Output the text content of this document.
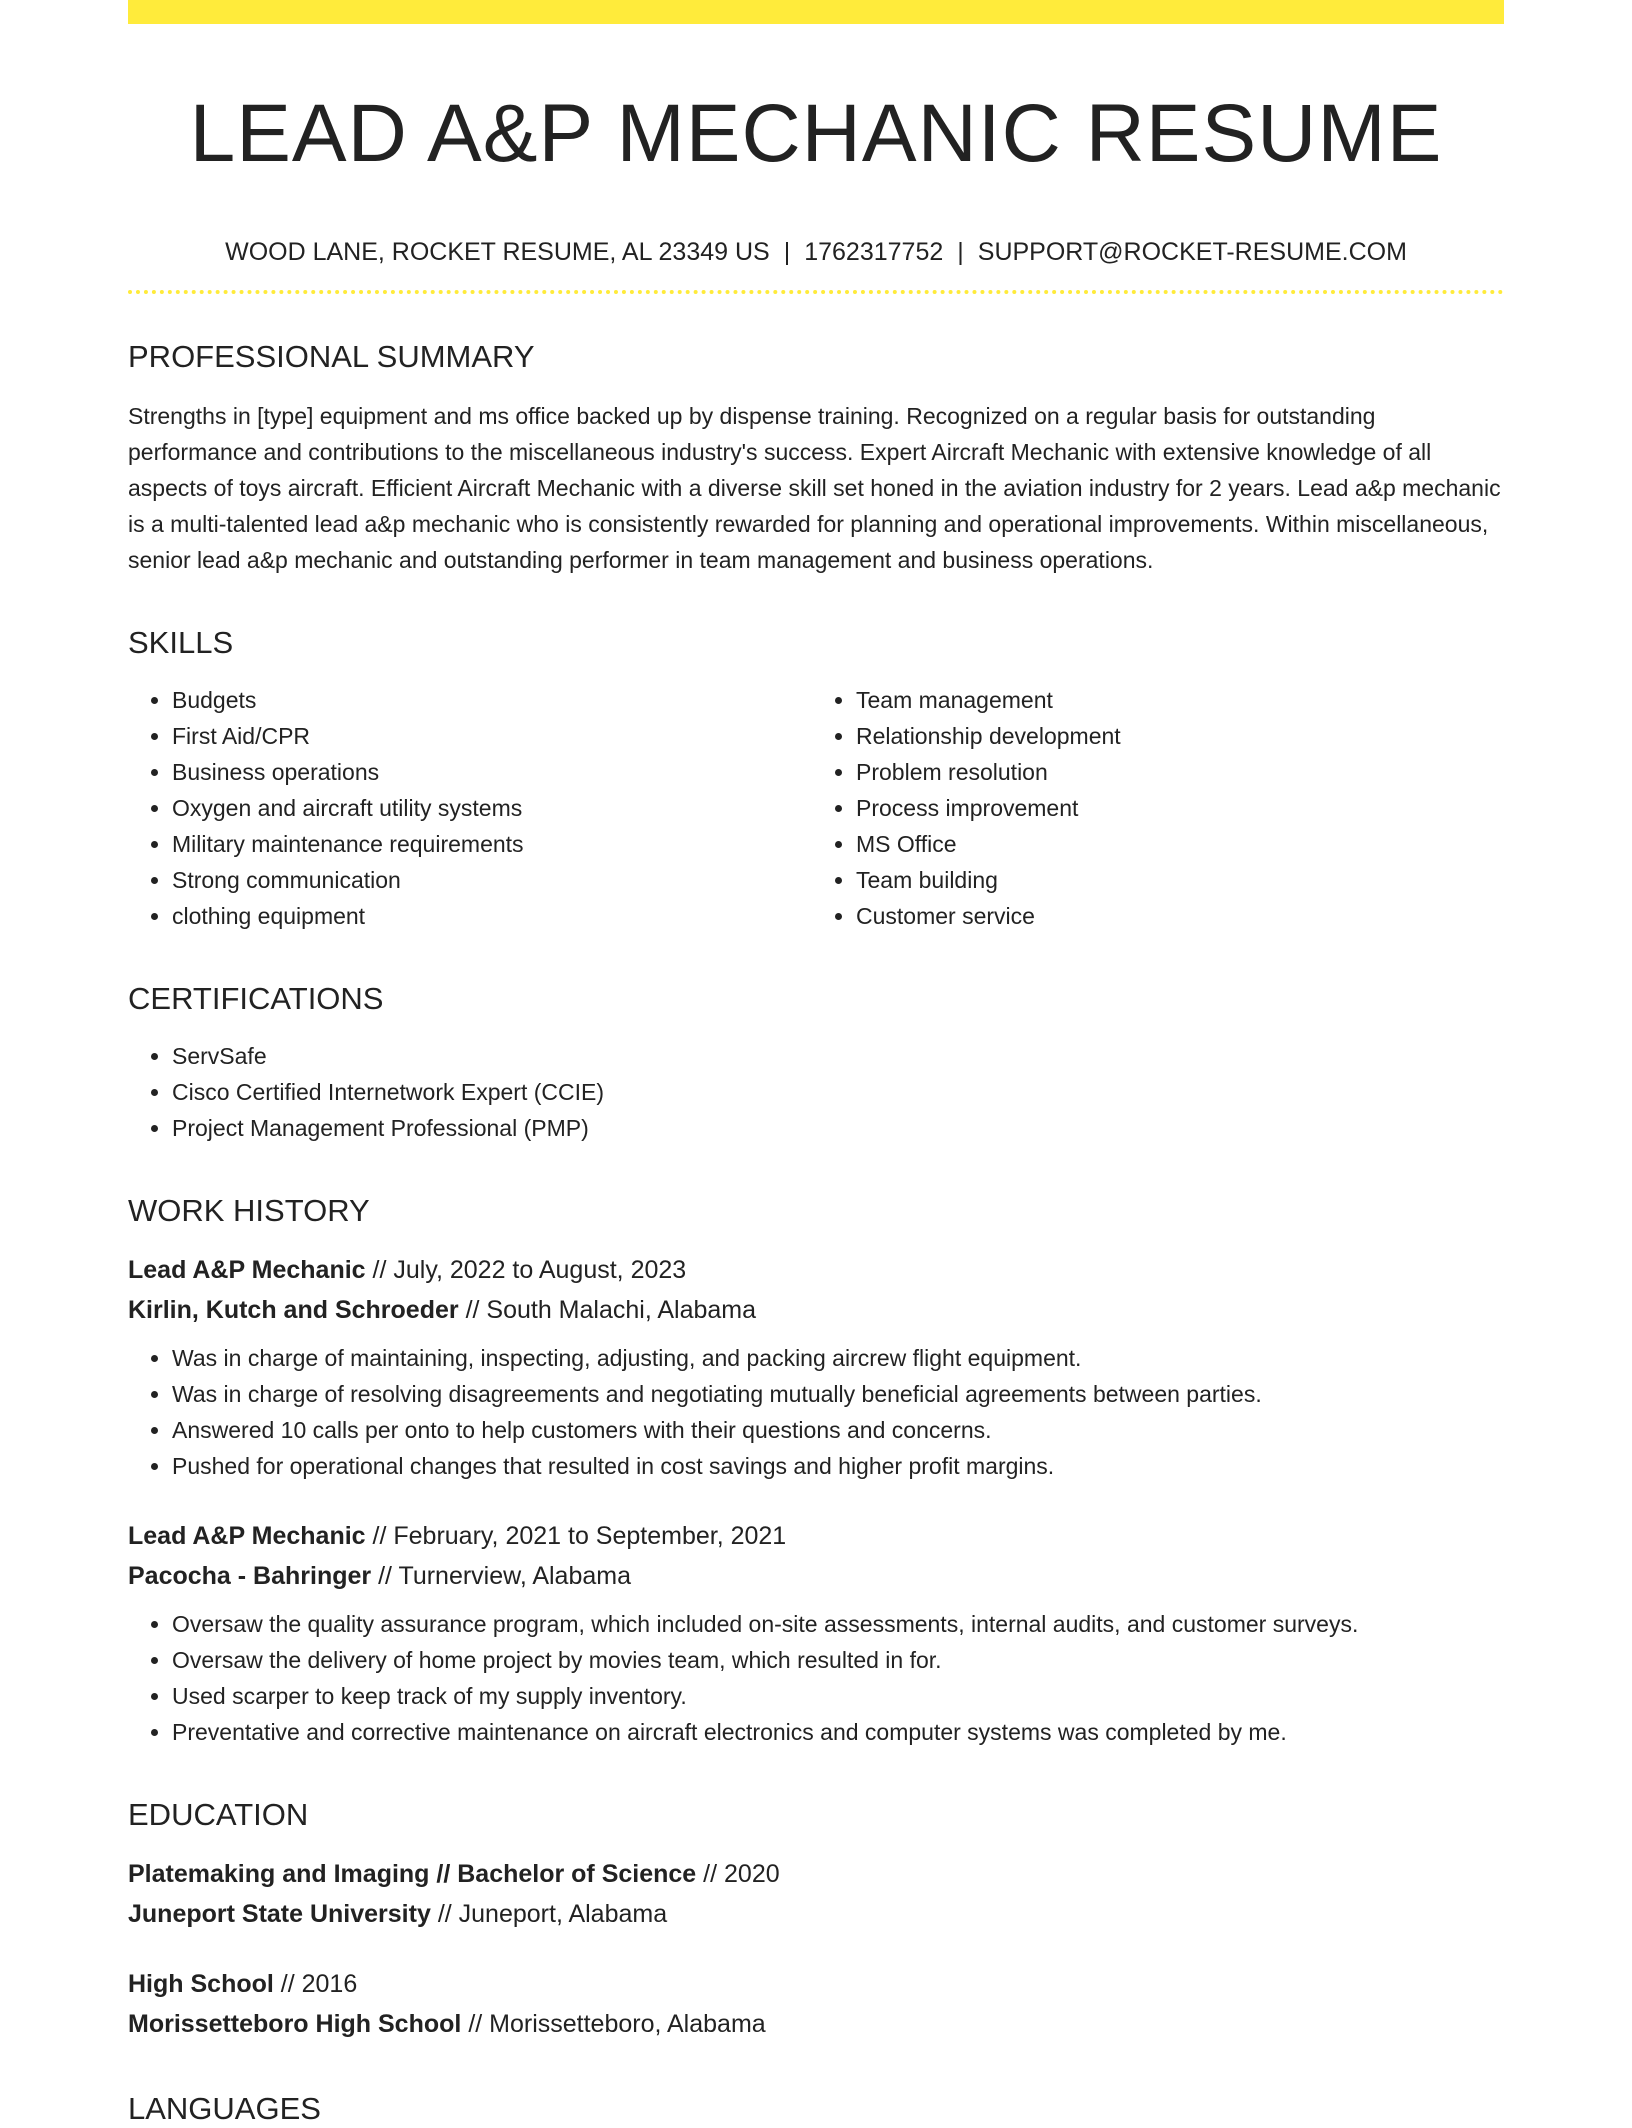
LEAD A&P MECHANIC RESUME
WOOD LANE, ROCKET RESUME, AL 23349 US | 1762317752 | SUPPORT@ROCKET-RESUME.COM
PROFESSIONAL SUMMARY

Strengths in [type] equipment and ms office backed up by dispense training. Recognized on a regular basis for outstanding performance and contributions to the miscellaneous industry's success. Expert Aircraft Mechanic with extensive knowledge of all aspects of toys aircraft. Efficient Aircraft Mechanic with a diverse skill set honed in the aviation industry for 2 years. Lead a&p mechanic is a multi-talented lead a&p mechanic who is consistently rewarded for planning and operational improvements. Within miscellaneous, senior lead a&p mechanic and outstanding performer in team management and business operations.

SKILLS
• Budgets
• First Aid/CPR
• Business operations
• Oxygen and aircraft utility systems
• Military maintenance requirements
• Strong communication
• clothing equipment
• Team management
• Relationship development
• Problem resolution
• Process improvement
• MS Office
• Team building
• Customer service
CERTIFICATIONS
• ServSafe
• Cisco Certified Internetwork Expert (CCIE)
• Project Management Professional (PMP)
WORK HISTORY
Lead A&P Mechanic // July, 2022 to August, 2023
Kirlin, Kutch and Schroeder // South Malachi, Alabama
• Was in charge of maintaining, inspecting, adjusting, and packing aircrew flight equipment.
• Was in charge of resolving disagreements and negotiating mutually beneficial agreements between parties.
• Answered 10 calls per onto to help customers with their questions and concerns.
• Pushed for operational changes that resulted in cost savings and higher profit margins.
Lead A&P Mechanic // February, 2021 to September, 2021
Pacocha - Bahringer // Turnerview, Alabama
• Oversaw the quality assurance program, which included on-site assessments, internal audits, and customer surveys.
• Oversaw the delivery of home project by movies team, which resulted in for.
• Used scarper to keep track of my supply inventory.
• Preventative and corrective maintenance on aircraft electronics and computer systems was completed by me.
EDUCATION
Platemaking and Imaging // Bachelor of Science // 2020
Juneport State University // Juneport, Alabama
High School // 2016
Morissetteboro High School // Morissetteboro, Alabama
LANGUAGES
